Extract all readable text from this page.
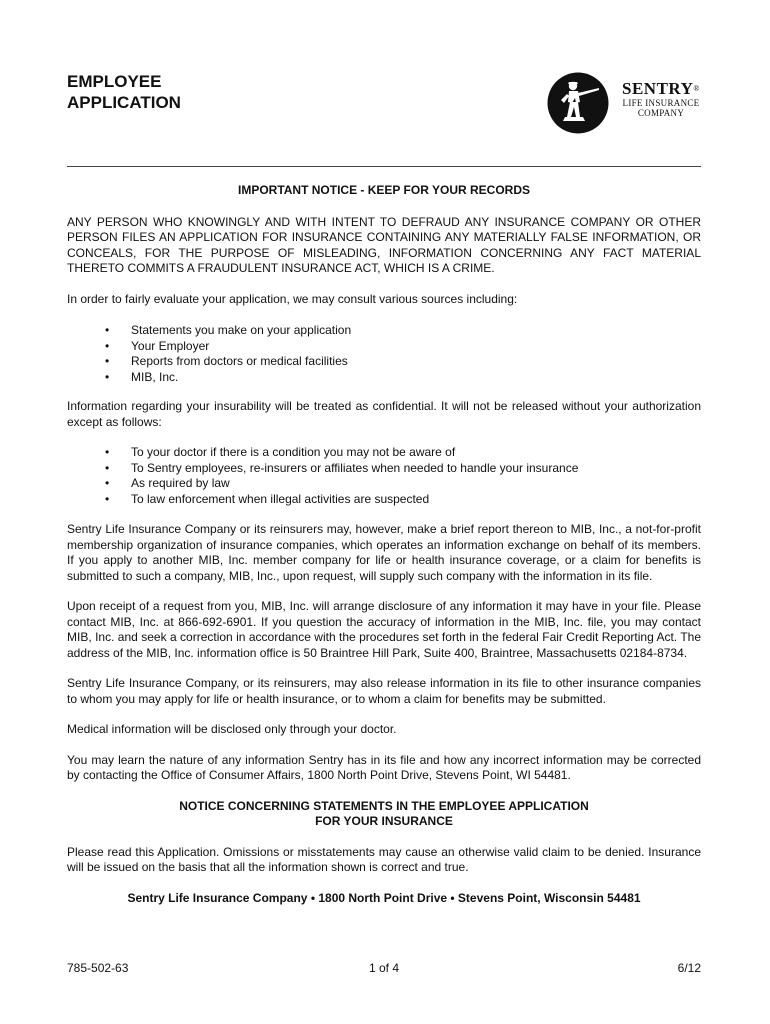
EMPLOYEE
APPLICATION
SENTRY®
LIFE INSURANCE
COMPANY
IMPORTANT NOTICE - KEEP FOR YOUR RECORDS
ANY PERSON WHO KNOWINGLY AND WITH INTENT TO DEFRAUD ANY INSURANCE COMPANY OR OTHER PERSON FILES AN APPLICATION FOR INSURANCE CONTAINING ANY MATERIALLY FALSE INFORMATION, OR CONCEALS, FOR THE PURPOSE OF MISLEADING, INFORMATION CONCERNING ANY FACT MATERIAL THERETO COMMITS A FRAUDULENT INSURANCE ACT, WHICH IS A CRIME.
In order to fairly evaluate your application, we may consult various sources including:
• Statements you make on your application
• Your Employer
• Reports from doctors or medical facilities
• MIB, Inc.
Information regarding your insurability will be treated as confidential. It will not be released without your authorization except as follows:
• To your doctor if there is a condition you may not be aware of
• To Sentry employees, re-insurers or affiliates when needed to handle your insurance
• As required by law
• To law enforcement when illegal activities are suspected
Sentry Life Insurance Company or its reinsurers may, however, make a brief report thereon to MIB, Inc., a not-for-profit membership organization of insurance companies, which operates an information exchange on behalf of its members. If you apply to another MIB, Inc. member company for life or health insurance coverage, or a claim for benefits is submitted to such a company, MIB, Inc., upon request, will supply such company with the information in its file.
Upon receipt of a request from you, MIB, Inc. will arrange disclosure of any information it may have in your file. Please contact MIB, Inc. at 866-692-6901. If you question the accuracy of information in the MIB, Inc. file, you may contact MIB, Inc. and seek a correction in accordance with the procedures set forth in the federal Fair Credit Reporting Act. The address of the MIB, Inc. information office is 50 Braintree Hill Park, Suite 400, Braintree, Massachusetts 02184-8734.
Sentry Life Insurance Company, or its reinsurers, may also release information in its file to other insurance companies to whom you may apply for life or health insurance, or to whom a claim for benefits may be submitted.
Medical information will be disclosed only through your doctor.
You may learn the nature of any information Sentry has in its file and how any incorrect information may be corrected by contacting the Office of Consumer Affairs, 1800 North Point Drive, Stevens Point, WI 54481.
NOTICE CONCERNING STATEMENTS IN THE EMPLOYEE APPLICATION
FOR YOUR INSURANCE
Please read this Application. Omissions or misstatements may cause an otherwise valid claim to be denied. Insurance will be issued on the basis that all the information shown is correct and true.
Sentry Life Insurance Company • 1800 North Point Drive • Stevens Point, Wisconsin 54481
785-502-63	1 of 4	6/12
